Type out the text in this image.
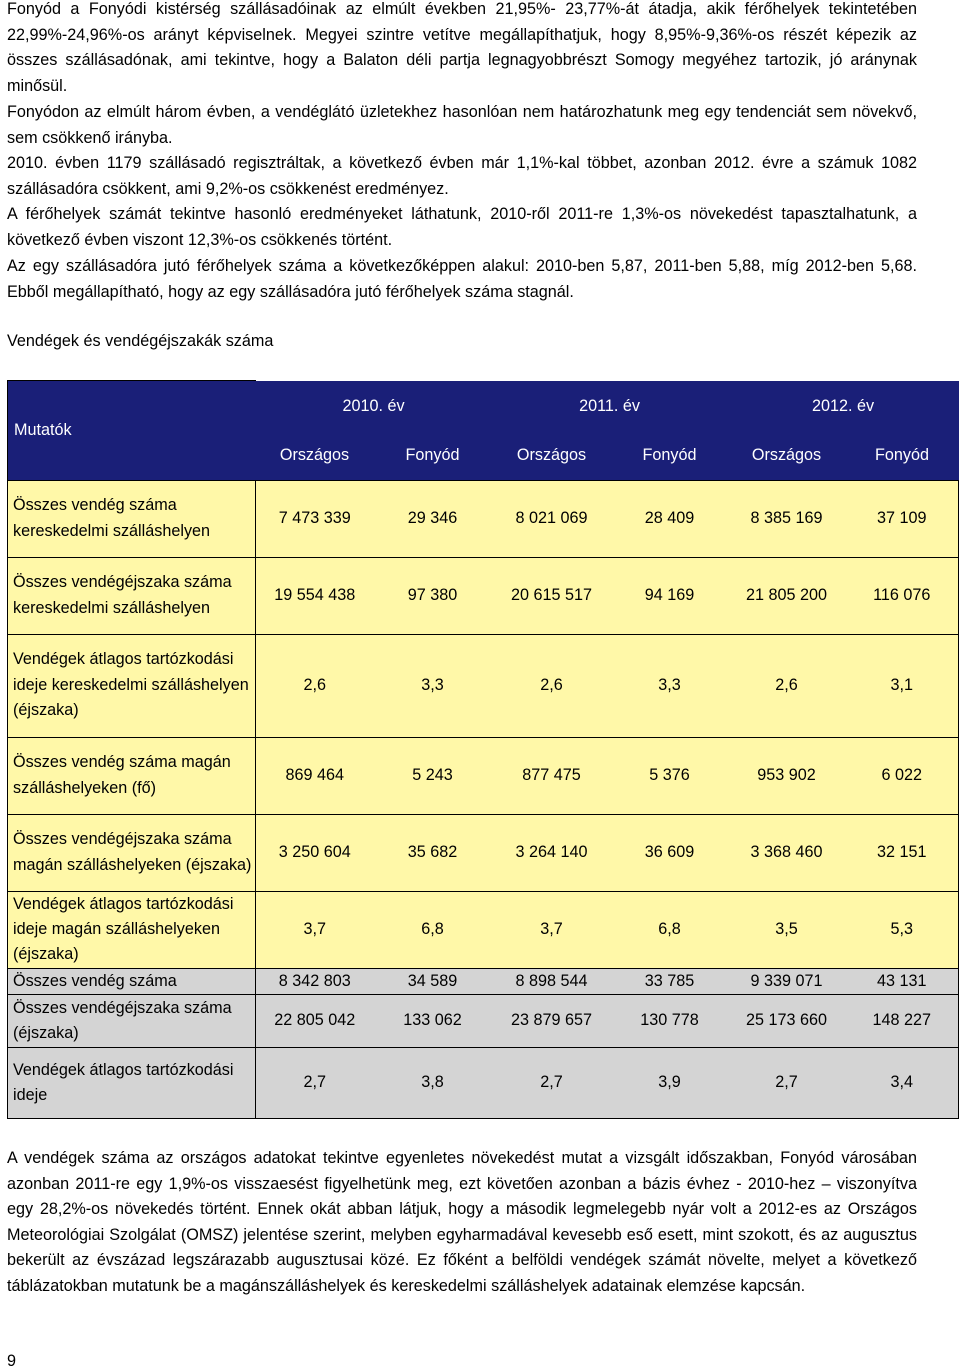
Fonyód a Fonyódi kistérség szállásadóinak az elmúlt években 21,95%- 23,77%-át átadja, akik férőhelyek tekintetében 22,99%-24,96%-os arányt képviselnek. Megyei szintre vetítve megállapíthatjuk, hogy 8,95%-9,36%-os részét képezik az összes szállásadónak, ami tekintve, hogy a Balaton déli partja legnagyobbrészt Somogy megyéhez tartozik, jó aránynak minősül.

Fonyódon az elmúlt három évben, a vendéglátó üzletekhez hasonlóan nem határozhatunk meg egy tendenciát sem növekvő, sem csökkenő irányba.

2010. évben 1179 szállásadó regisztráltak, a következő évben már 1,1%-kal többet, azonban 2012. évre a számuk 1082 szállásadóra csökkent, ami 9,2%-os csökkenést eredményez.

A férőhelyek számát tekintve hasonló eredményeket láthatunk, 2010-ről 2011-re 1,3%-os növekedést tapasztalhatunk, a következő évben viszont 12,3%-os csökkenés történt.

Az egy szállásadóra jutó férőhelyek száma a következőképpen alakul: 2010-ben 5,87, 2011-ben 5,88, míg 2012-ben 5,68. Ebből megállapítható, hogy az egy szállásadóra jutó férőhelyek száma stagnál.

Vendégek és vendégéjszakák száma

Mutatók	2010. év		2011. év		2012. év	
	Országos	Fonyód	Országos	Fonyód	Országos	Fonyód
Összes vendég száma kereskedelmi szálláshelyen	7 473 339	29 346	8 021 069	28 409	8 385 169	37 109
Összes vendégéjszaka száma kereskedelmi szálláshelyen	19 554 438	97 380	20 615 517	94 169	21 805 200	116 076
Vendégek átlagos tartózkodási ideje kereskedelmi szálláshelyen (éjszaka)	2,6	3,3	2,6	3,3	2,6	3,1
Összes vendég száma magán szálláshelyeken (fő)	869 464	5 243	877 475	5 376	953 902	6 022
Összes vendégéjszaka száma magán szálláshelyeken (éjszaka)	3 250 604	35 682	3 264 140	36 609	3 368 460	32 151
Vendégek átlagos tartózkodási ideje magán szálláshelyeken (éjszaka)	3,7	6,8	3,7	6,8	3,5	5,3
Összes vendég száma	8 342 803	34 589	8 898 544	33 785	9 339 071	43 131
Összes vendégéjszaka száma (éjszaka)	22 805 042	133 062	23 879 657	130 778	25 173 660	148 227
Vendégek átlagos tartózkodási ideje	2,7	3,8	2,7	3,9	2,7	3,4

A vendégek száma az országos adatokat tekintve egyenletes növekedést mutat a vizsgált időszakban, Fonyód városában azonban 2011-re egy 1,9%-os visszaesést figyelhetünk meg, ezt követően azonban a bázis évhez - 2010-hez – viszonyítva egy 28,2%-os növekedés történt. Ennek okát abban látjuk, hogy a második legmelegebb nyár volt a 2012-es az Országos Meteorológiai Szolgálat (OMSZ) jelentése szerint, melyben egyharmadával kevesebb eső esett, mint szokott, és az augusztus bekerült az évszázad legszárazabb augusztusai közé. Ez főként a belföldi vendégek számát növelte, melyet a következő táblázatokban mutatunk be a magánszálláshelyek és kereskedelmi szálláshelyek adatainak elemzése kapcsán.

9
